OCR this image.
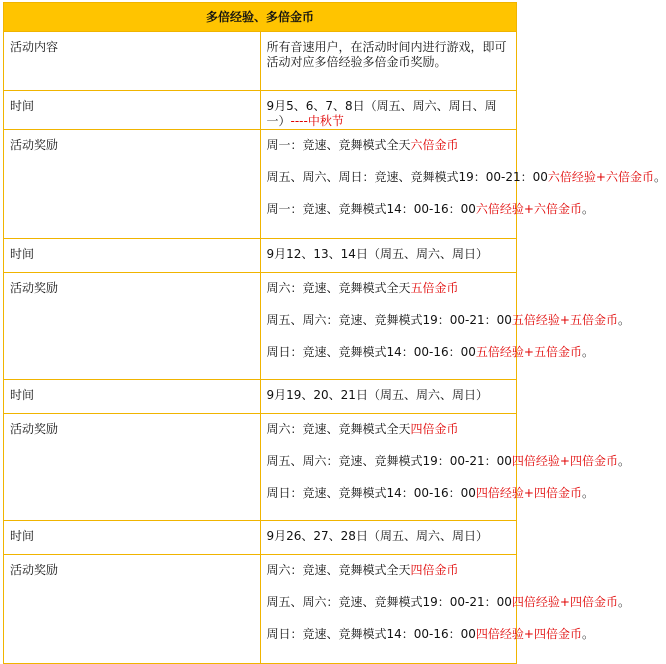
多倍经验、多倍金币	
活动内容	所有音速用户，在活动时间内进行游戏，即可活动对应多倍经验多倍金币奖励。

时间	9月5、6、7、8日（周五、周六、周日、周一）----中秋节
活动奖励	周一：竞速、竞舞模式全天六倍金币
周五、周六、周日：竞速、竞舞模式19：00-21：00六倍经验+六倍金币。
周一：竞速、竞舞模式14：00-16：00六倍经验+六倍金币。

时间	9月12、13、14日（周五、周六、周日）
活动奖励	周六：竞速、竞舞模式全天五倍金币
周五、周六：竞速、竞舞模式19：00-21：00五倍经验+五倍金币。
周日：竞速、竞舞模式14：00-16：00五倍经验+五倍金币。

时间	9月19、20、21日（周五、周六、周日）
活动奖励	周六：竞速、竞舞模式全天四倍金币
周五、周六：竞速、竞舞模式19：00-21：00四倍经验+四倍金币。
周日：竞速、竞舞模式14：00-16：00四倍经验+四倍金币。

时间	9月26、27、28日（周五、周六、周日）
活动奖励	周六：竞速、竞舞模式全天四倍金币
周五、周六：竞速、竞舞模式19：00-21：00四倍经验+四倍金币。
周日：竞速、竞舞模式14：00-16：00四倍经验+四倍金币。
